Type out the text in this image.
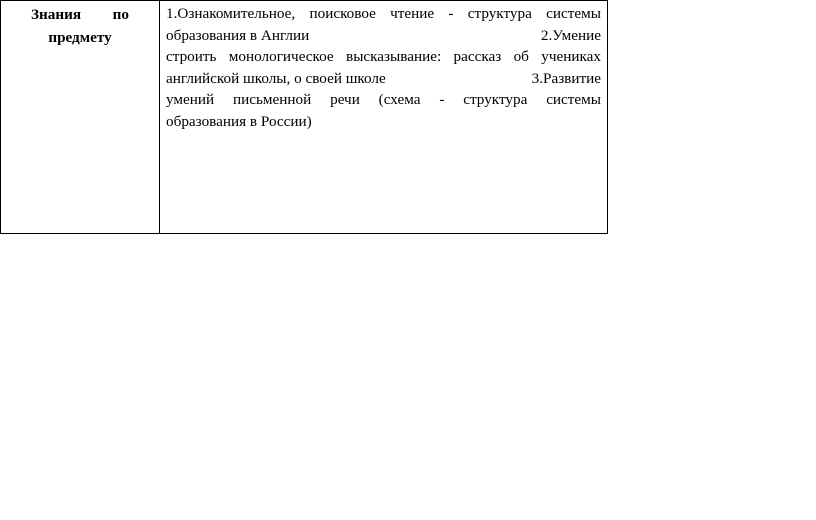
Знания по
предмету

1.Ознакомительное, поисковое чтение - структура системы
образования в Англии	2.Умение
строить монологическое высказывание: рассказ об учениках
английской школы, о своей школе	3.Развитие
умений письменной речи (схема - структура системы
образования в России)
